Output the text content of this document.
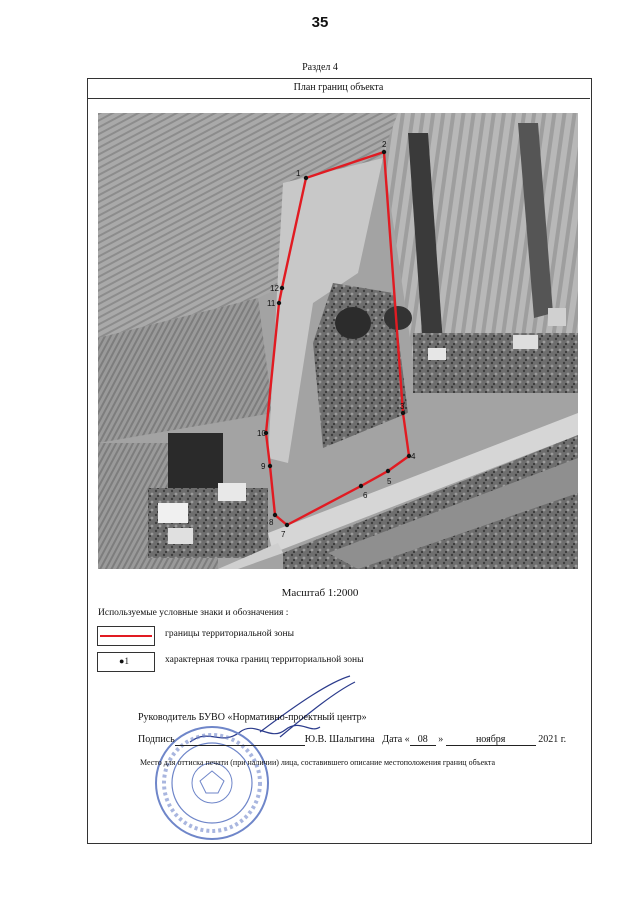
35
Раздел 4
План границ объекта
1
2
3
4
5
6
7
8
9
10
11
12
Масштаб 1:2000
Используемые условные знаки и обозначения :
границы территориальной зоны
●1	характерная точка границ территориальной зоны
Руководитель БУВО «Нормативно-проектный центр»
Подпись	Ю.В. Шалыгина Дата « 08 »	ноября	2021 г.
Место для оттиска печати (при наличии) лица, составившего описание местоположения границ объекта
